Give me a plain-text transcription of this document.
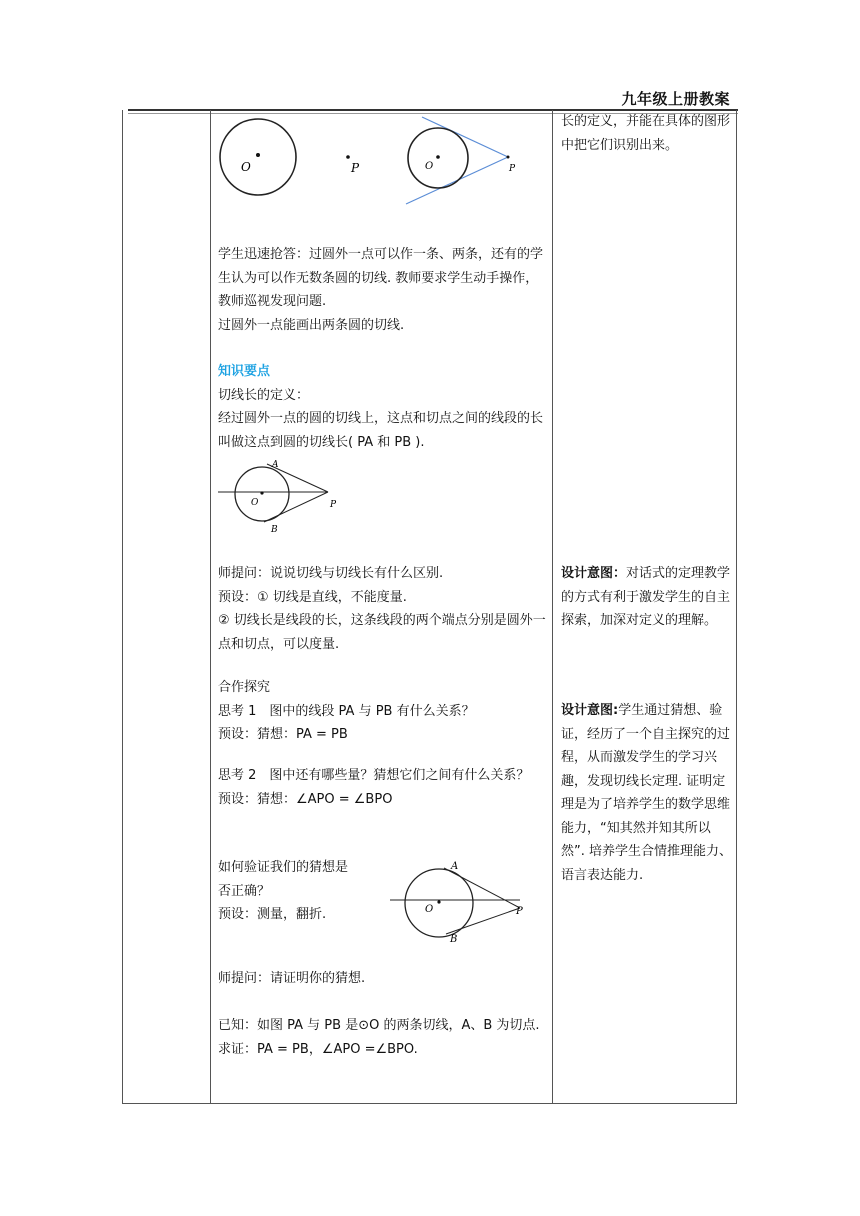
九年级上册教案
O	P	O	P
A
O	P
B
A
O	P
B

学生迅速抢答：过圆外一点可以作一条、两条，还有的学生认为可以作无数条圆的切线. 教师要求学生动手操作，教师巡视发现问题.

过圆外一点能画出两条圆的切线.

知识要点

切线长的定义：

经过圆外一点的圆的切线上，这点和切点之间的线段的长叫做这点到圆的切线长( PA 和 PB ).

师提问：说说切线与切线长有什么区别.

预设：① 切线是直线，不能度量.

② 切线长是线段的长，这条线段的两个端点分别是圆外一点和切点，可以度量.

合作探究

思考 1　图中的线段 PA 与 PB 有什么关系？

预设：猜想：PA = PB

思考 2　图中还有哪些量？猜想它们之间有什么关系？

预设：猜想：∠APO = ∠BPO

如何验证我们的猜想是

否正确？

预设：测量，翻折.

师提问：请证明你的猜想.

已知：如图 PA 与 PB 是⊙O 的两条切线，A、B 为切点.

求证：PA = PB，∠APO =∠BPO.

长的定义，并能在具体的图形中把它们识别出来。

设计意图：对话式的定理教学的方式有利于激发学生的自主探索，加深对定义的理解。

设计意图:学生通过猜想、验证，经历了一个自主探究的过程，从而激发学生的学习兴趣，发现切线长定理. 证明定理是为了培养学生的数学思维能力，“知其然并知其所以然”. 培养学生合情推理能力、语言表达能力.
